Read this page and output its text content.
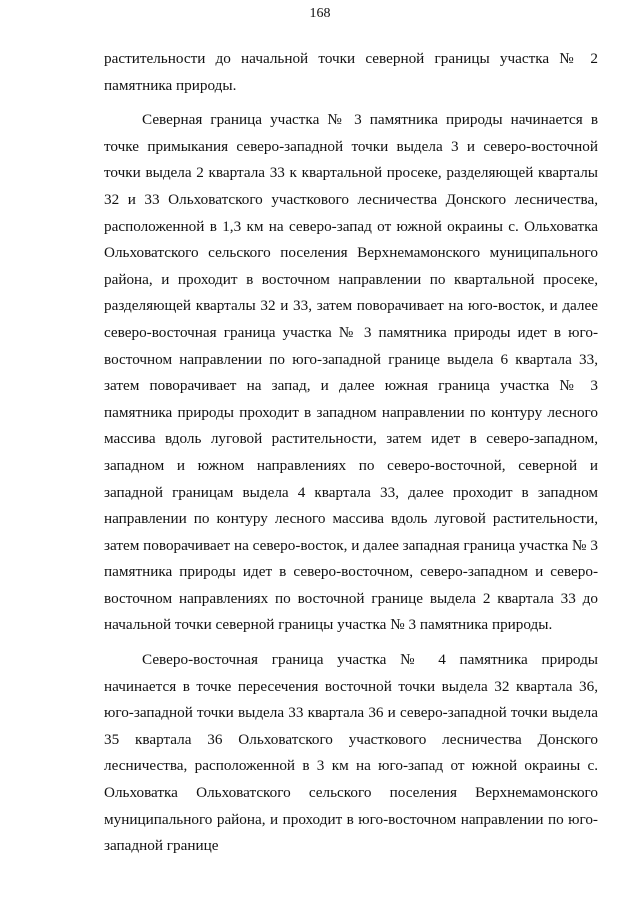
168

растительности до начальной точки северной границы участка № 2 памятника природы.

Северная граница участка № 3 памятника природы начинается в точке примыкания северо-западной точки выдела 3 и северо-восточной точки выдела 2 квартала 33 к квартальной просеке, разделяющей кварталы 32 и 33 Ольховатского участкового лесничества Донского лесничества, расположенной в 1,3 км на северо-запад от южной окраины с. Ольховатка Ольховатского сельского поселения Верхнемамонского муниципального района, и проходит в восточном направлении по квартальной просеке, разделяющей кварталы 32 и 33, затем поворачивает на юго-восток, и далее северо-восточная граница участка № 3 памятника природы идет в юго-восточном направлении по юго-западной границе выдела 6 квартала 33, затем поворачивает на запад, и далее южная граница участка № 3 памятника природы проходит в западном направлении по контуру лесного массива вдоль луговой растительности, затем идет в северо-западном, западном и южном направлениях по северо-восточной, северной и западной границам выдела 4 квартала 33, далее проходит в западном направлении по контуру лесного массива вдоль луговой растительности, затем поворачивает на северо-восток, и далее западная граница участка № 3 памятника природы идет в северо-восточном, северо-западном и северо-восточном направлениях по восточной границе выдела 2 квартала 33 до начальной точки северной границы участка № 3 памятника природы.

Северо-восточная граница участка № 4 памятника природы начинается в точке пересечения восточной точки выдела 32 квартала 36, юго-западной точки выдела 33 квартала 36 и северо-западной точки выдела 35 квартала 36 Ольховатского участкового лесничества Донского лесничества, расположенной в 3 км на юго-запад от южной окраины с. Ольховатка Ольховатского сельского поселения Верхнемамонского муниципального района, и проходит в юго-восточном направлении по юго-западной границе
